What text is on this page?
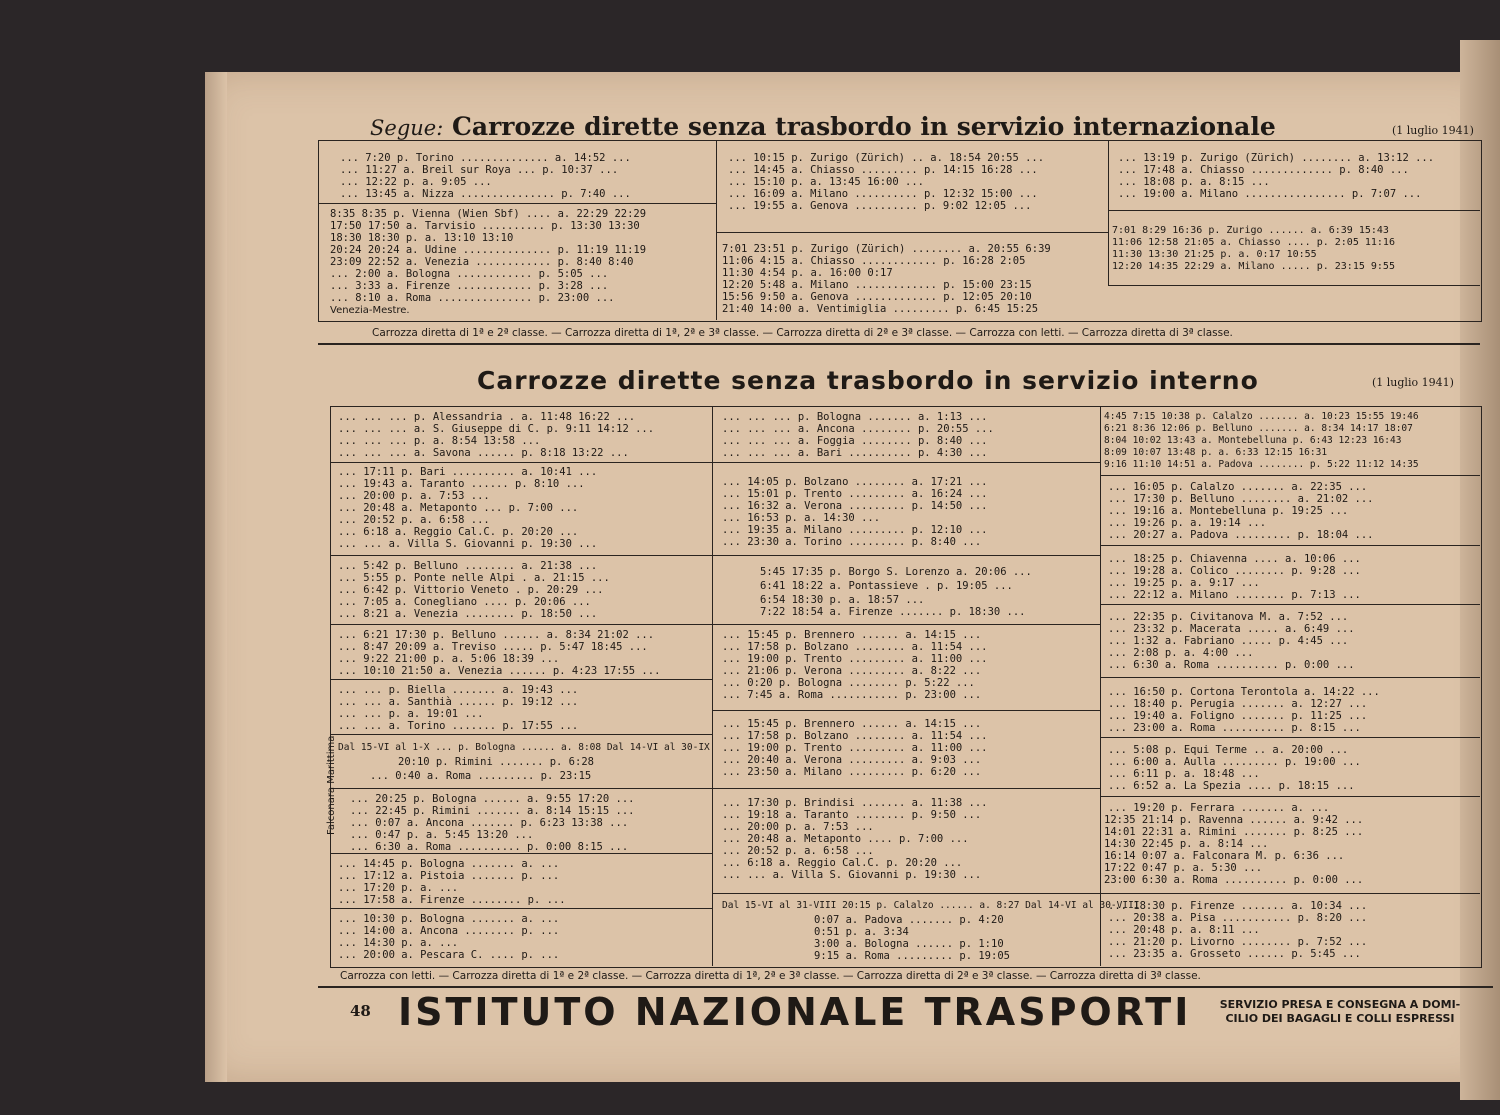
Segue: Carrozze dirette senza trasbordo in servizio internazionale	(1 luglio 1941)
... 7:20 p. Torino .............. a. 14:52 ...
... 11:27 a. Breil sur Roya ... p. 10:37 ...
... 12:22 p. a. 9:05 ...
... 13:45 a. Nizza ............... p. 7:40 ...
8:35 8:35 p. Vienna (Wien Sbf) .... a. 22:29 22:29
17:50 17:50 a. Tarvisio .......... p. 13:30 13:30
18:30 18:30 p. a. 13:10 13:10
20:24 20:24 a. Udine .............. p. 11:19 11:19
23:09 22:52 a. Venezia ............ p. 8:40 8:40
... 2:00 a. Bologna ............ p. 5:05 ...
... 3:33 a. Firenze ............ p. 3:28 ...
... 8:10 a. Roma ............... p. 23:00 ...
Venezia-Mestre.
... 10:15 p. Zurigo (Zürich) .. a. 18:54 20:55 ...
... 14:45 a. Chiasso ......... p. 14:15 16:28 ...
... 15:10 p. a. 13:45 16:00 ...
... 16:09 a. Milano .......... p. 12:32 15:00 ...
... 19:55 a. Genova .......... p. 9:02 12:05 ...
7:01 23:51 p. Zurigo (Zürich) ........ a. 20:55 6:39
11:06 4:15 a. Chiasso ............ p. 16:28 2:05
11:30 4:54 p. a. 16:00 0:17
12:20 5:48 a. Milano ............. p. 15:00 23:15
15:56 9:50 a. Genova ............. p. 12:05 20:10
21:40 14:00 a. Ventimiglia ......... p. 6:45 15:25
... 13:19 p. Zurigo (Zürich) ........ a. 13:12 ...
... 17:48 a. Chiasso ............. p. 8:40 ...
... 18:08 p. a. 8:15 ...
... 19:00 a. Milano ................ p. 7:07 ...
7:01 8:29 16:36 p. Zurigo ...... a. 6:39 15:43
11:06 12:58 21:05 a. Chiasso .... p. 2:05 11:16
11:30 13:30 21:25 p. a. 0:17 10:55
12:20 14:35 22:29 a. Milano ..... p. 23:15 9:55
Carrozza diretta di 1ª e 2ª classe. — Carrozza diretta di 1ª, 2ª e 3ª classe. — Carrozza diretta di 2ª e 3ª classe. — Carrozza con letti. — Carrozza diretta di 3ª classe.
Carrozze dirette senza trasbordo in servizio interno	(1 luglio 1941)
... ... ... p. Alessandria . a. 11:48 16:22 ...
... ... ... a. S. Giuseppe di C. p. 9:11 14:12 ...
... ... ... p. a. 8:54 13:58 ...
... ... ... a. Savona ...... p. 8:18 13:22 ...
... 17:11 p. Bari .......... a. 10:41 ...
... 19:43 a. Taranto ...... p. 8:10 ...
... 20:00 p. a. 7:53 ...
... 20:48 a. Metaponto ... p. 7:00 ...
... 20:52 p. a. 6:58 ...
... 6:18 a. Reggio Cal.C. p. 20:20 ...
... ... a. Villa S. Giovanni p. 19:30 ...
... 5:42 p. Belluno ........ a. 21:38 ...
... 5:55 p. Ponte nelle Alpi . a. 21:15 ...
... 6:42 p. Vittorio Veneto . p. 20:29 ...
... 7:05 a. Conegliano .... p. 20:06 ...
... 8:21 a. Venezia ........ p. 18:50 ...
... 6:21 17:30 p. Belluno ...... a. 8:34 21:02 ...
... 8:47 20:09 a. Treviso ..... p. 5:47 18:45 ...
... 9:22 21:00 p. a. 5:06 18:39 ...
... 10:10 21:50 a. Venezia ...... p. 4:23 17:55 ...
... ... p. Biella ....... a. 19:43 ...
... ... a. Santhià ...... p. 19:12 ...
... ... p. a. 19:01 ...
... ... a. Torino ....... p. 17:55 ...
Dal 15-VI al 1-X ... p. Bologna ...... a. 8:08 Dal 14-VI al 30-IX
20:10 p. Rimini ....... p. 6:28
... 0:40 a. Roma ......... p. 23:15
Falconara Marittima ... 20:25 p. Bologna ...... a. 9:55 17:20 ...
... 22:45 p. Rimini ....... a. 8:14 15:15 ...
... 0:07 a. Ancona ....... p. 6:23 13:38 ...
... 0:47 p. a. 5:45 13:20 ...
... 6:30 a. Roma .......... p. 0:00 8:15 ...
... 14:45 p. Bologna ....... a. ...
... 17:12 a. Pistoia ....... p. ...
... 17:20 p. a. ...
... 17:58 a. Firenze ........ p. ...
... 10:30 p. Bologna ....... a. ...
... 14:00 a. Ancona ........ p. ...
... 14:30 p. a. ...
... 20:00 a. Pescara C. .... p. ...
... ... ... p. Bologna ....... a. 1:13 ...
... ... ... a. Ancona ........ p. 20:55 ...
... ... ... a. Foggia ........ p. 8:40 ...
... ... ... a. Bari .......... p. 4:30 ...
... 14:05 p. Bolzano ........ a. 17:21 ...
... 15:01 p. Trento ......... a. 16:24 ...
... 16:32 a. Verona ......... p. 14:50 ...
... 16:53 p. a. 14:30 ...
... 19:35 a. Milano ......... p. 12:10 ...
... 23:30 a. Torino ......... p. 8:40 ...
5:45 17:35 p. Borgo S. Lorenzo a. 20:06 ...
6:41 18:22 a. Pontassieve . p. 19:05 ...
6:54 18:30 p. a. 18:57 ...
7:22 18:54 a. Firenze ....... p. 18:30 ...
... 15:45 p. Brennero ...... a. 14:15 ...
... 17:58 p. Bolzano ........ a. 11:54 ...
... 19:00 p. Trento ......... a. 11:00 ...
... 21:06 p. Verona ......... a. 8:22 ...
... 0:20 p. Bologna ........ p. 5:22 ...
... 7:45 a. Roma ........... p. 23:00 ...
... 15:45 p. Brennero ...... a. 14:15 ...
... 17:58 p. Bolzano ........ a. 11:54 ...
... 19:00 p. Trento ......... a. 11:00 ...
... 20:40 a. Verona ......... a. 9:03 ...
... 23:50 a. Milano ......... p. 6:20 ...
... 17:30 p. Brindisi ....... a. 11:38 ...
... 19:18 a. Taranto ........ p. 9:50 ...
... 20:00 p. a. 7:53 ...
... 20:48 a. Metaponto .... p. 7:00 ...
... 20:52 p. a. 6:58 ...
... 6:18 a. Reggio Cal.C. p. 20:20 ...
... ... a. Villa S. Giovanni p. 19:30 ...
Dal 15-VI al 31-VIII 20:15 p. Calalzo ...... a. 8:27 Dal 14-VI al 30-VIII
0:07 a. Padova ....... p. 4:20
0:51 p. a. 3:34
3:00 a. Bologna ...... p. 1:10
9:15 a. Roma ......... p. 19:05
4:45 7:15 10:38 p. Calalzo ....... a. 10:23 15:55 19:46
6:21 8:36 12:06 p. Belluno ....... a. 8:34 14:17 18:07
8:04 10:02 13:43 a. Montebelluna p. 6:43 12:23 16:43
8:09 10:07 13:48 p. a. 6:33 12:15 16:31
9:16 11:10 14:51 a. Padova ........ p. 5:22 11:12 14:35
... 16:05 p. Calalzo ....... a. 22:35 ...
... 17:30 p. Belluno ........ a. 21:02 ...
... 19:16 a. Montebelluna p. 19:25 ...
... 19:26 p. a. 19:14 ...
... 20:27 a. Padova ......... p. 18:04 ...
... 18:25 p. Chiavenna .... a. 10:06 ...
... 19:28 a. Colico ........ p. 9:28 ...
... 19:25 p. a. 9:17 ...
... 22:12 a. Milano ........ p. 7:13 ...
... 22:35 p. Civitanova M. a. 7:52 ...
... 23:32 p. Macerata ..... a. 6:49 ...
... 1:32 a. Fabriano ..... p. 4:45 ...
... 2:08 p. a. 4:00 ...
... 6:30 a. Roma .......... p. 0:00 ...
... 16:50 p. Cortona Terontola a. 14:22 ...
... 18:40 p. Perugia ....... a. 12:27 ...
... 19:40 a. Foligno ....... p. 11:25 ...
... 23:00 a. Roma .......... p. 8:15 ...
... 5:08 p. Equi Terme .. a. 20:00 ...
... 6:00 a. Aulla ......... p. 19:00 ...
... 6:11 p. a. 18:48 ...
... 6:52 a. La Spezia .... p. 18:15 ...
... 19:20 p. Ferrara ....... a. ...
12:35 21:14 p. Ravenna ...... a. 9:42 ...
14:01 22:31 a. Rimini ....... p. 8:25 ...
14:30 22:45 p. a. 8:14 ...
16:14 0:07 a. Falconara M. p. 6:36 ...
17:22 0:47 p. a. 5:30 ...
23:00 6:30 a. Roma .......... p. 0:00 ...
... 18:30 p. Firenze ....... a. 10:34 ...
... 20:38 a. Pisa ........... p. 8:20 ...
... 20:48 p. a. 8:11 ...
... 21:20 p. Livorno ........ p. 7:52 ...
... 23:35 a. Grosseto ...... p. 5:45 ...
Carrozza con letti. — Carrozza diretta di 1ª e 2ª classe. — Carrozza diretta di 1ª, 2ª e 3ª classe. — Carrozza diretta di 2ª e 3ª classe. — Carrozza diretta di 3ª classe.
48 ISTITUTO NAZIONALE TRASPORTI	SERVIZIO PRESA E CONSEGNA A DOMI-
CILIO DEI BAGAGLI E COLLI ESPRESSI
